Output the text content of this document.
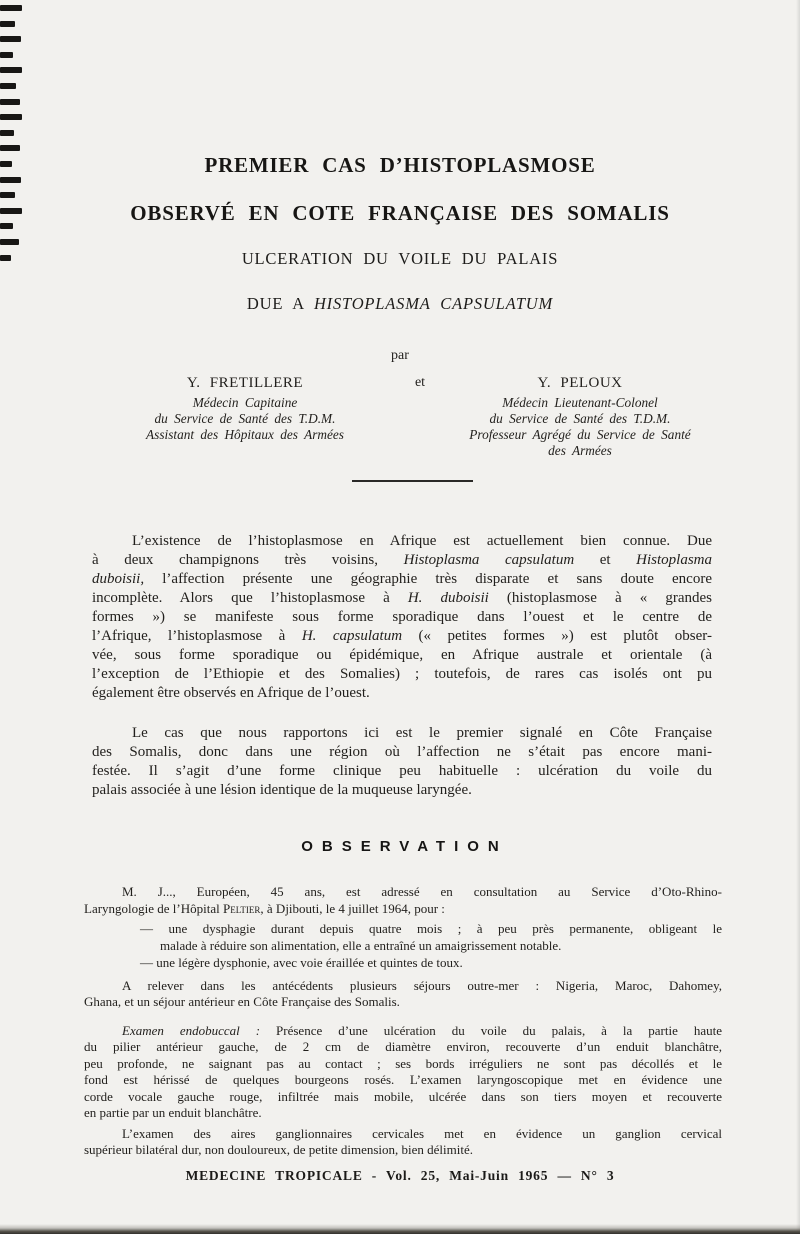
PREMIER CAS D’HISTOPLASMOSE
OBSERVÉ EN COTE FRANÇAISE DES SOMALIS
ULCERATION DU VOILE DU PALAIS
DUE A HISTOPLASMA CAPSULATUM
par
Y. FRETILLERE
Médecin Capitaine
du Service de Santé des T.D.M.
Assistant des Hôpitaux des Armées
et	Y. PELOUX
Médecin Lieutenant-Colonel
du Service de Santé des T.D.M.
Professeur Agrégé du Service de Santé
des Armées
L’existence de l’histoplasmose en Afrique est actuellement bien connue. Due
à deux champignons très voisins, Histoplasma capsulatum et Histoplasma
duboisii, l’affection présente une géographie très disparate et sans doute encore
incomplète. Alors que l’histoplasmose à H. duboisii (histoplasmose à « grandes
formes ») se manifeste sous forme sporadique dans l’ouest et le centre de
l’Afrique, l’histoplasmose à H. capsulatum (« petites formes ») est plutôt obser-
vée, sous forme sporadique ou épidémique, en Afrique australe et orientale (à
l’exception de l’Ethiopie et des Somalies) ; toutefois, de rares cas isolés ont pu
également être observés en Afrique de l’ouest.
Le cas que nous rapportons ici est le premier signalé en Côte Française
des Somalis, donc dans une région où l’affection ne s’était pas encore mani-
festée. Il s’agit d’une forme clinique peu habituelle : ulcération du voile du
palais associée à une lésion identique de la muqueuse laryngée.
OBSERVATION
M. J..., Européen, 45 ans, est adressé en consultation au Service d’Oto-Rhino-
Laryngologie de l’Hôpital Peltier, à Djibouti, le 4 juillet 1964, pour :
— une dysphagie durant depuis quatre mois ; à peu près permanente, obligeant le
malade à réduire son alimentation, elle a entraîné un amaigrissement notable.
— une légère dysphonie, avec voie éraillée et quintes de toux.
A relever dans les antécédents plusieurs séjours outre-mer : Nigeria, Maroc, Dahomey,
Ghana, et un séjour antérieur en Côte Française des Somalis.
Examen endobuccal : Présence d’une ulcération du voile du palais, à la partie haute
du pilier antérieur gauche, de 2 cm de diamètre environ, recouverte d’un enduit blanchâtre,
peu profonde, ne saignant pas au contact ; ses bords irréguliers ne sont pas décollés et le
fond est hérissé de quelques bourgeons rosés. L’examen laryngoscopique met en évidence une
corde vocale gauche rouge, infiltrée mais mobile, ulcérée dans son tiers moyen et recouverte
en partie par un enduit blanchâtre.
L’examen des aires ganglionnaires cervicales met en évidence un ganglion cervical
supérieur bilatéral dur, non douloureux, de petite dimension, bien délimité.
MEDECINE TROPICALE - Vol. 25, Mai-Juin 1965 — N° 3
